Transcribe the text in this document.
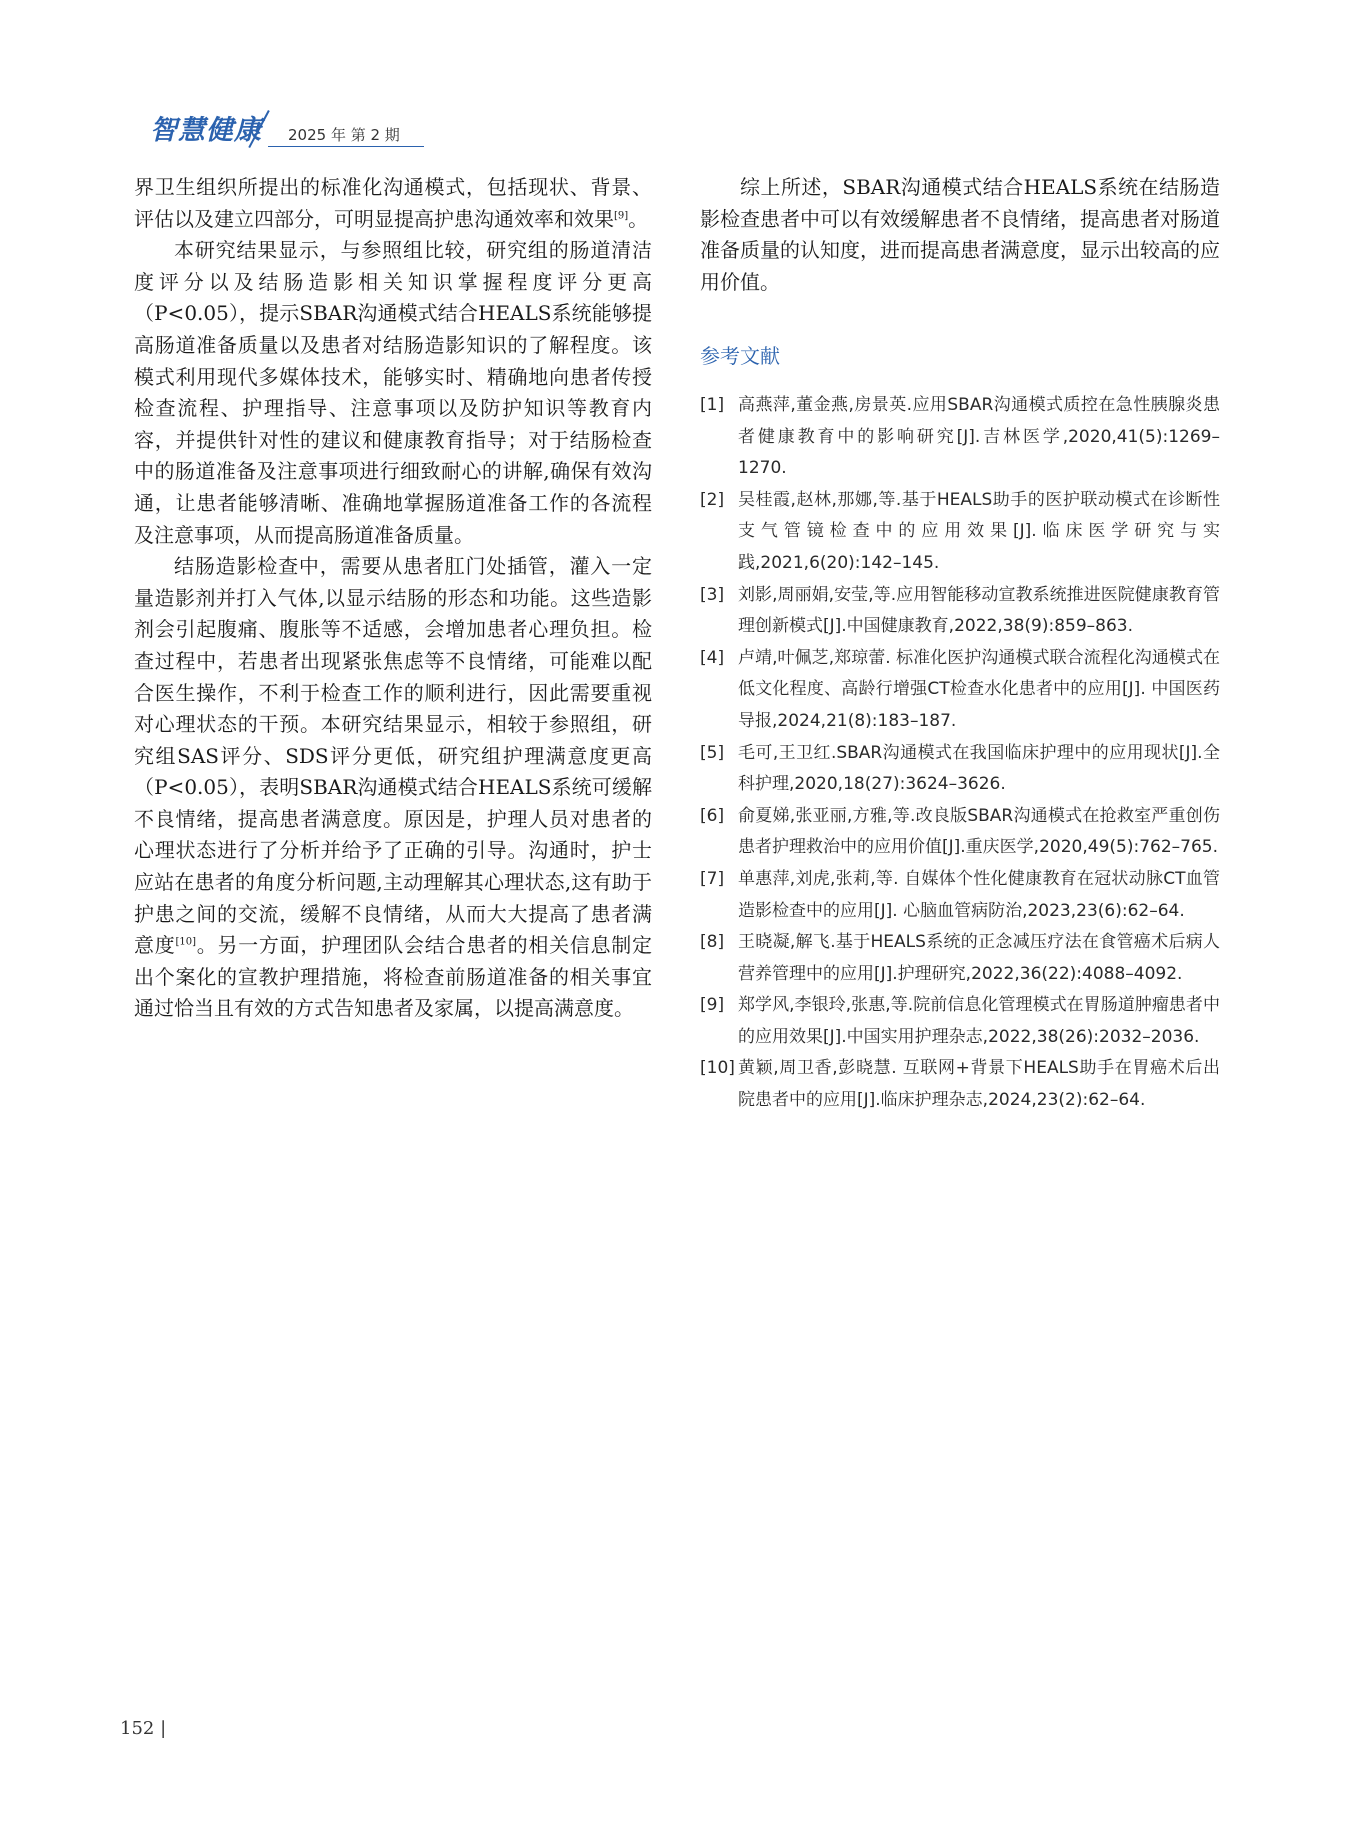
智慧健康 2025 年 第 2 期

界卫生组织所提出的标准化沟通模式，包括现状、背景、评估以及建立四部分，可明显提高护患沟通效率和效果[9]。

本研究结果显示，与参照组比较，研究组的肠道清洁度评分以及结肠造影相关知识掌握程度评分更高（P<0.05），提示SBAR沟通模式结合HEALS系统能够提高肠道准备质量以及患者对结肠造影知识的了解程度。该模式利用现代多媒体技术，能够实时、精确地向患者传授检查流程、护理指导、注意事项以及防护知识等教育内容，并提供针对性的建议和健康教育指导；对于结肠检查中的肠道准备及注意事项进行细致耐心的讲解,确保有效沟通，让患者能够清晰、准确地掌握肠道准备工作的各流程及注意事项，从而提高肠道准备质量。

结肠造影检查中，需要从患者肛门处插管，灌入一定量造影剂并打入气体,以显示结肠的形态和功能。这些造影剂会引起腹痛、腹胀等不适感，会增加患者心理负担。检查过程中，若患者出现紧张焦虑等不良情绪，可能难以配合医生操作，不利于检查工作的顺利进行，因此需要重视对心理状态的干预。本研究结果显示，相较于参照组，研究组SAS评分、SDS评分更低，研究组护理满意度更高（P<0.05），表明SBAR沟通模式结合HEALS系统可缓解不良情绪，提高患者满意度。原因是，护理人员对患者的心理状态进行了分析并给予了正确的引导。沟通时，护士应站在患者的角度分析问题,主动理解其心理状态,这有助于护患之间的交流，缓解不良情绪，从而大大提高了患者满意度[10]。另一方面，护理团队会结合患者的相关信息制定出个案化的宣教护理措施，将检查前肠道准备的相关事宜通过恰当且有效的方式告知患者及家属，以提高满意度。

综上所述，SBAR沟通模式结合HEALS系统在结肠造影检查患者中可以有效缓解患者不良情绪，提高患者对肠道准备质量的认知度，进而提高患者满意度，显示出较高的应用价值。

参考文献
[1] 高燕萍,董金燕,房景英.应用SBAR沟通模式质控在急性胰腺炎患者健康教育中的影响研究[J].吉林医学,2020,41(5):1269–1270.
[2] 吴桂霞,赵林,那娜,等.基于HEALS助手的医护联动模式在诊断性支气管镜检查中的应用效果[J].临床医学研究与实践,2021,6(20):142–145.
[3] 刘影,周丽娟,安莹,等.应用智能移动宣教系统推进医院健康教育管理创新模式[J].中国健康教育,2022,38(9):859–863.
[4] 卢靖,叶佩芝,郑琼蕾. 标准化医护沟通模式联合流程化沟通模式在低文化程度、高龄行增强CT检查水化患者中的应用[J]. 中国医药导报,2024,21(8):183–187.
[5] 毛可,王卫红.SBAR沟通模式在我国临床护理中的应用现状[J].全科护理,2020,18(27):3624–3626.
[6] 俞夏娣,张亚丽,方雅,等.改良版SBAR沟通模式在抢救室严重创伤患者护理救治中的应用价值[J].重庆医学,2020,49(5):762–765.
[7] 单惠萍,刘虎,张莉,等. 自媒体个性化健康教育在冠状动脉CT血管造影检查中的应用[J]. 心脑血管病防治,2023,23(6):62–64.
[8] 王晓凝,解飞.基于HEALS系统的正念减压疗法在食管癌术后病人营养管理中的应用[J].护理研究,2022,36(22):4088–4092.
[9] 郑学风,李银玲,张惠,等.院前信息化管理模式在胃肠道肿瘤患者中的应用效果[J].中国实用护理杂志,2022,38(26):2032–2036.
[10] 黄颖,周卫香,彭晓慧. 互联网+背景下HEALS助手在胃癌术后出院患者中的应用[J].临床护理杂志,2024,23(2):62–64.
152 |
